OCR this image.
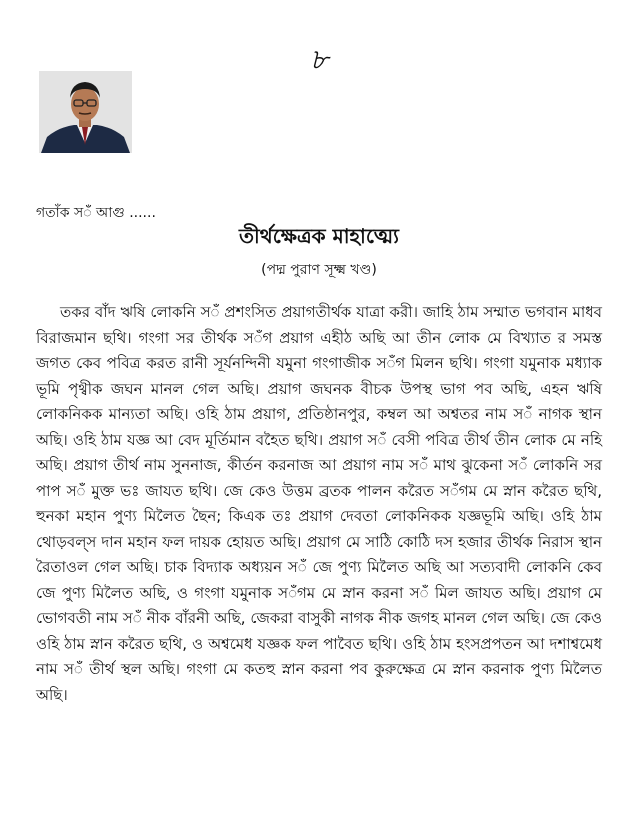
৮
গতাঁক সँ আগু ......
তীর্থক্ষেত্রক মাহাত্ম্যে
(পদ্ম পুরাণ সূক্ষ্ম খণ্ড)
তকর বাঁদ ঋষি লোকনি সँ প্রশংসিত প্রয়াগতীর্থক যাত্রা করী। জাহি ঠাম সম্মাত ভগবান মাধব বিরাজমান ছথি। গংগা সর তীর্থক সँগ প্রয়াগ এহীঠ অছি আ তীন লোক মে বিখ্যাত র সমস্ত জগত কেব পবিত্র করত রানী সূর্যনন্দিনী যমুনা গংগাজীক সँগ মিলন ছথি। গংগা যমুনাক মধ্যাক ভূমি পৃথ্বীক জঘন মানল গেল অছি। প্রয়াগ জঘনক বীচক উপস্থ ভাগ পব অছি, এহন ঋষি লোকনিকক মান্যতা অছি। ওহি ঠাম প্রয়াগ, প্রতিষ্ঠানপুর, কম্বল আ অশ্বতর নাম সँ নাগক স্থান অছি। ওহি ঠাম যজ্ঞ আ বেদ মূর্তিমান বহৈত ছথি। প্রয়াগ সँ বেসী পবিত্র তীর্থ তীন লোক মে নহি অছি। প্রয়াগ তীর্থ নাম সুননাজ, কীর্তন করনাজ আ প্রয়াগ নাম সँ মাথ ঝুকেনা সँ লোকনি সর পাপ সँ মুক্ত ভঃ জাযত ছথি। জে কেও উত্তম ব্রতক পালন করৈত সँগম মে স্নান করৈত ছথি, হুনকা মহান পুণ্য মিলৈত ছৈন; কিএক তঃ প্রয়াগ দেবতা লোকনিকক যজ্ঞভূমি অছি। ওহি ঠাম থোড়বল্স দান মহান ফল দায়ক হোয়ত অছি। প্রয়াগ মে সাঠি কোঠি দস হজার তীর্থক নিরাস স্থান রৈতাওল গেল অছি। চাক বিদ্যাক অধ্যয়ন সँ জে পুণ্য মিলৈত অছি আ সত্যবাদী লোকনি কেব জে পুণ্য মিলৈত অছি, ও গংগা যমুনাক সँগম মে স্নান করনা সँ মিল জাযত অছি। প্রয়াগ মে ভোগবতী নাম সँ নীক বাঁরনী অছি, জেকরা বাসুকী নাগক নীক জগহ মানল গেল অছি। জে কেও ওহি ঠাম স্নান করৈত ছথি, ও অশ্বমেধ যজ্ঞক ফল পাবৈত ছথি। ওহি ঠাম হংসপ্রপতন আ দশাশ্বমেধ নাম সँ তীর্থ স্থল অছি। গংগা মে কতহু স্নান করনা পব কুরুক্ষেত্র মে স্নান করনাক পুণ্য মিলৈত অছি।
